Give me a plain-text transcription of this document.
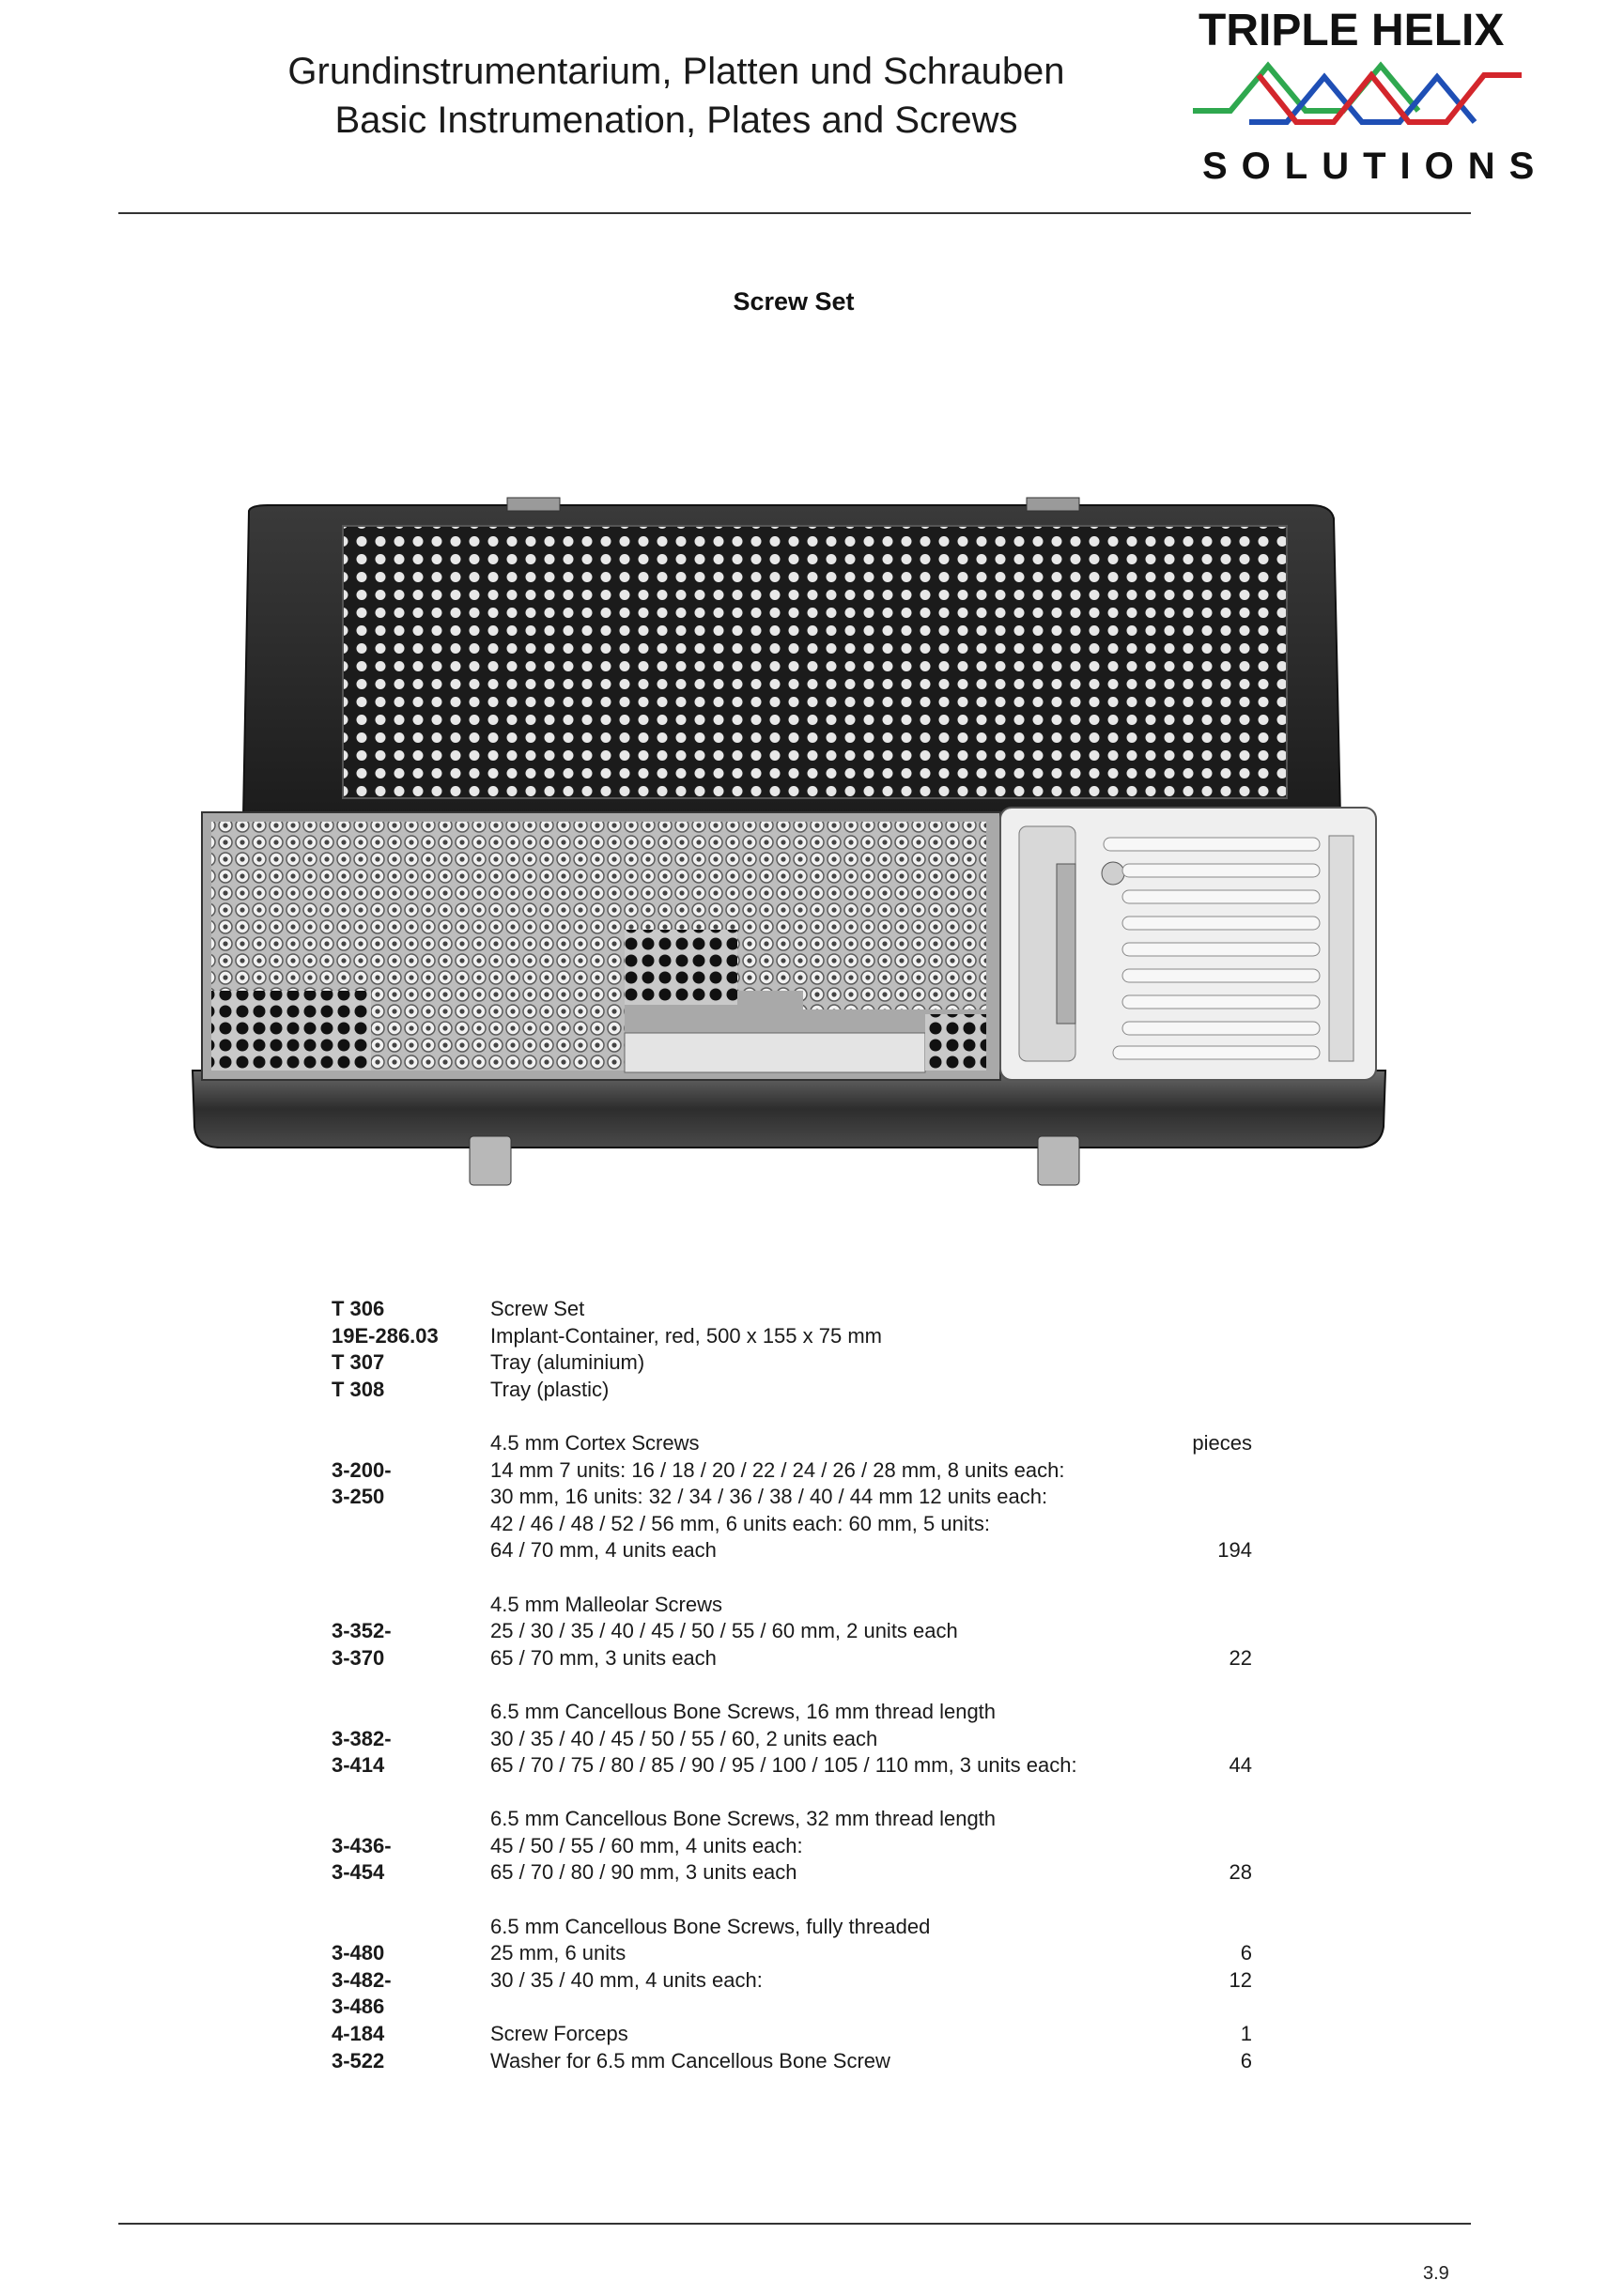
Grundinstrumentarium, Platten und Schrauben
Basic Instrumenation, Plates and Screws
TRIPLE HELIX
SOLUTIONS
Screw Set
T 306	Screw Set	
19E-286.03	Implant-Container, red, 500 x 155 x 75 mm	
T 307	Tray (aluminium)	
T 308	Tray (plastic)	

	4.5 mm Cortex Screws	pieces
3-200-	14 mm 7 units: 16 / 18 / 20 / 22 / 24 / 26 / 28 mm, 8 units each:	
3-250	30 mm, 16 units: 32 / 34 / 36 / 38 / 40 / 44 mm 12 units each:	
	42 / 46 / 48 / 52 / 56 mm, 6 units each: 60 mm, 5 units:	
	64 / 70 mm, 4 units each	194

	4.5 mm Malleolar Screws	
3-352-	25 / 30 / 35 / 40 / 45 / 50 / 55 / 60 mm, 2 units each	
3-370	65 / 70 mm, 3 units each	22

	6.5 mm Cancellous Bone Screws, 16 mm thread length	
3-382-	30 / 35 / 40 / 45 / 50 / 55 / 60, 2 units each	
3-414	65 / 70 / 75 / 80 / 85 / 90 / 95 / 100 / 105 / 110 mm, 3 units each:	44

	6.5 mm Cancellous Bone Screws, 32 mm thread length	
3-436-	45 / 50 / 55 / 60 mm, 4 units each:	
3-454	65 / 70 / 80 / 90 mm, 3 units each	28

	6.5 mm Cancellous Bone Screws, fully threaded	
3-480	25 mm, 6 units	6
3-482-	30 / 35 / 40 mm, 4 units each:	12
3-486		
4-184	Screw Forceps	1
3-522	Washer for 6.5 mm Cancellous Bone Screw	6
3.9
